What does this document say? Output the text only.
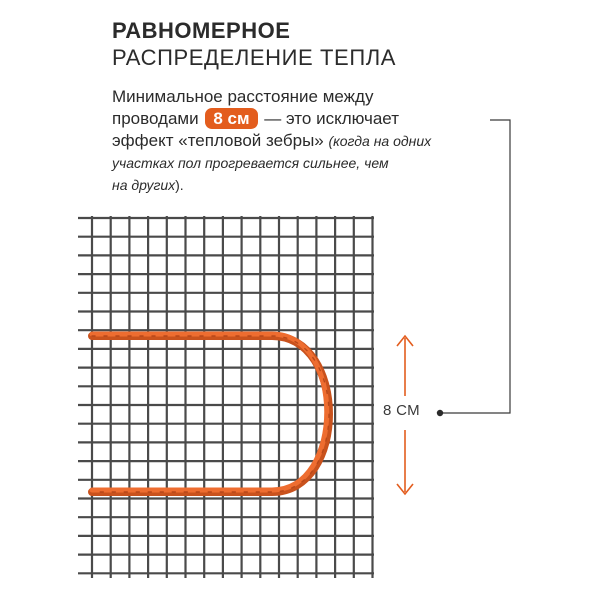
РАВНОМЕРНОЕ
РАСПРЕДЕЛЕНИЕ ТЕПЛА
Минимальное расстояние между
проводами 8 см — это исключает
эффект «тепловой зебры» (когда на одних
участках пол прогревается сильнее, чем
на других).
8 СМ
